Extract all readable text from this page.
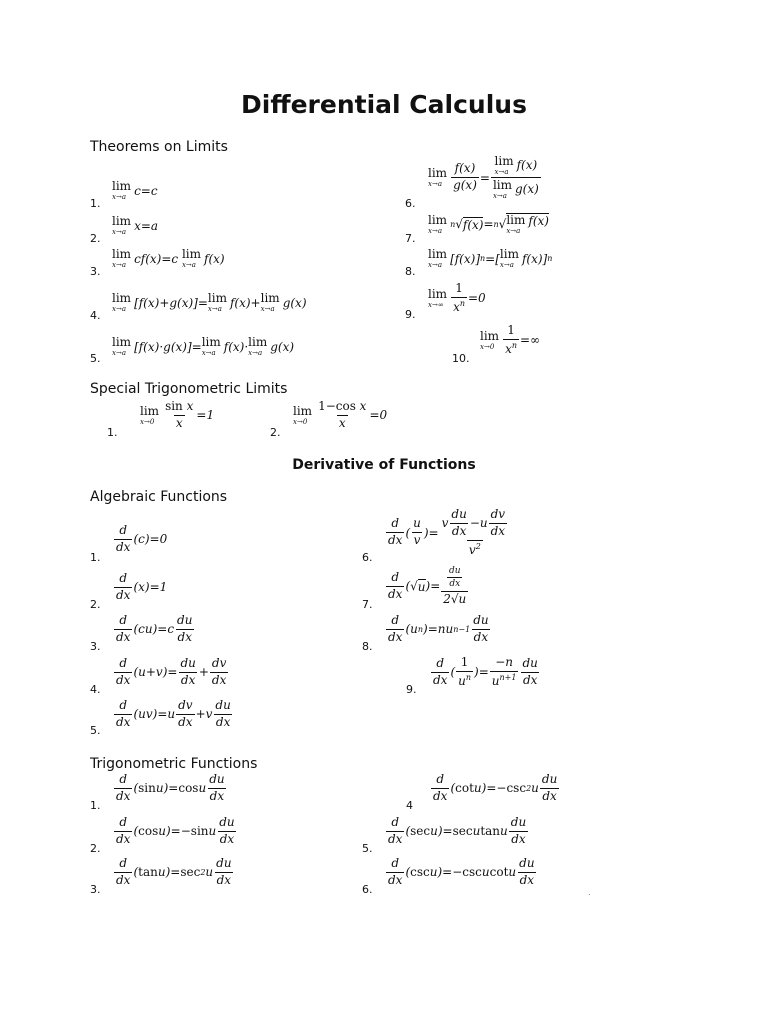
Differential Calculus
Theorems on Limits
1.
lim
x→a c=c
2.
lim
x→a x=a
3.
lim
x→a cf(x)=c lim
x→a f(x)
4.
lim
x→a [f(x)+g(x)]= lim
x→a f(x)+ lim
x→a g(x)
5.
lim
x→a [f(x)·g(x)]= lim
x→a f(x)· lim
x→a g(x)
6.
lim
$x\to a \frac{f(x)}{g(x)} = \lim$
x→a f(x)
lim
x→a g(x)
7.
lim
x→a
n √ f(x) = n √ lim
x→a
f(x)
8.
lim
x→a [f(x)] n =[ lim
x→a f(x)] n
9.
lim
$x\to\infty \frac{1}{x^n} =0$
10.
lim
$x\to 0 \frac{1}{x^n}$ =∞
Special Trigonometric Limits
1.
lim
$x\to 0 \frac{\text{sin x}}{x} =1$
2.
lim
$x\to 0 \frac{\text{1−cos x}}{x} =0$
Derivative of Functions
Algebraic Functions
1.
$\frac{d}{dx} (c)=0$
2.
$\frac{d}{dx} (x)=1$
3.
$\frac{d}{dx} (cu)=c \frac{du}{dx}$
4.
$\frac{d}{dx} (u+v)= \frac{du}{dx} + \frac{dv}{dx}$
5.
$\frac{d}{dx} (uv)=u \frac{dv}{dx} +v \frac{du}{dx}$
6.
$\frac{d}{dx}$ ( $\frac{u}{v}$ )= $\frac{v \frac{du}{dx} -u \frac{dv}{dx}}{v^2}$
7.
$\frac{d}{dx}$ (√ u )= $\frac{\frac{du}{dx}}{2√u}$
8.
$\frac{d}{dx} (u$ n )=nu $n-1 \frac{du}{dx}$
9.
$\frac{d}{dx}$ ( $\frac{1}{u^n}$ )= $\frac{-n}{u^{n+1}} \frac{du}{dx}$
Trigonometric Functions
1.
$\frac{d}{dx}$ ( sin u)= cos u $\frac{du}{dx}$
2.
$\frac{d}{dx}$ ( cos u)=− sin u $\frac{du}{dx}$
3.
$\frac{d}{dx}$ ( tan u)= sec 2 u $\frac{du}{dx}$
4
$\frac{d}{dx}$ ( cot u)=− csc 2 u $\frac{du}{dx}$
5.
$\frac{d}{dx}$ ( sec u)= sec u tan u $\frac{du}{dx}$
6.
$\frac{d}{dx}$ ( csc u)=− csc u cot u $\frac{du}{dx}$
.
